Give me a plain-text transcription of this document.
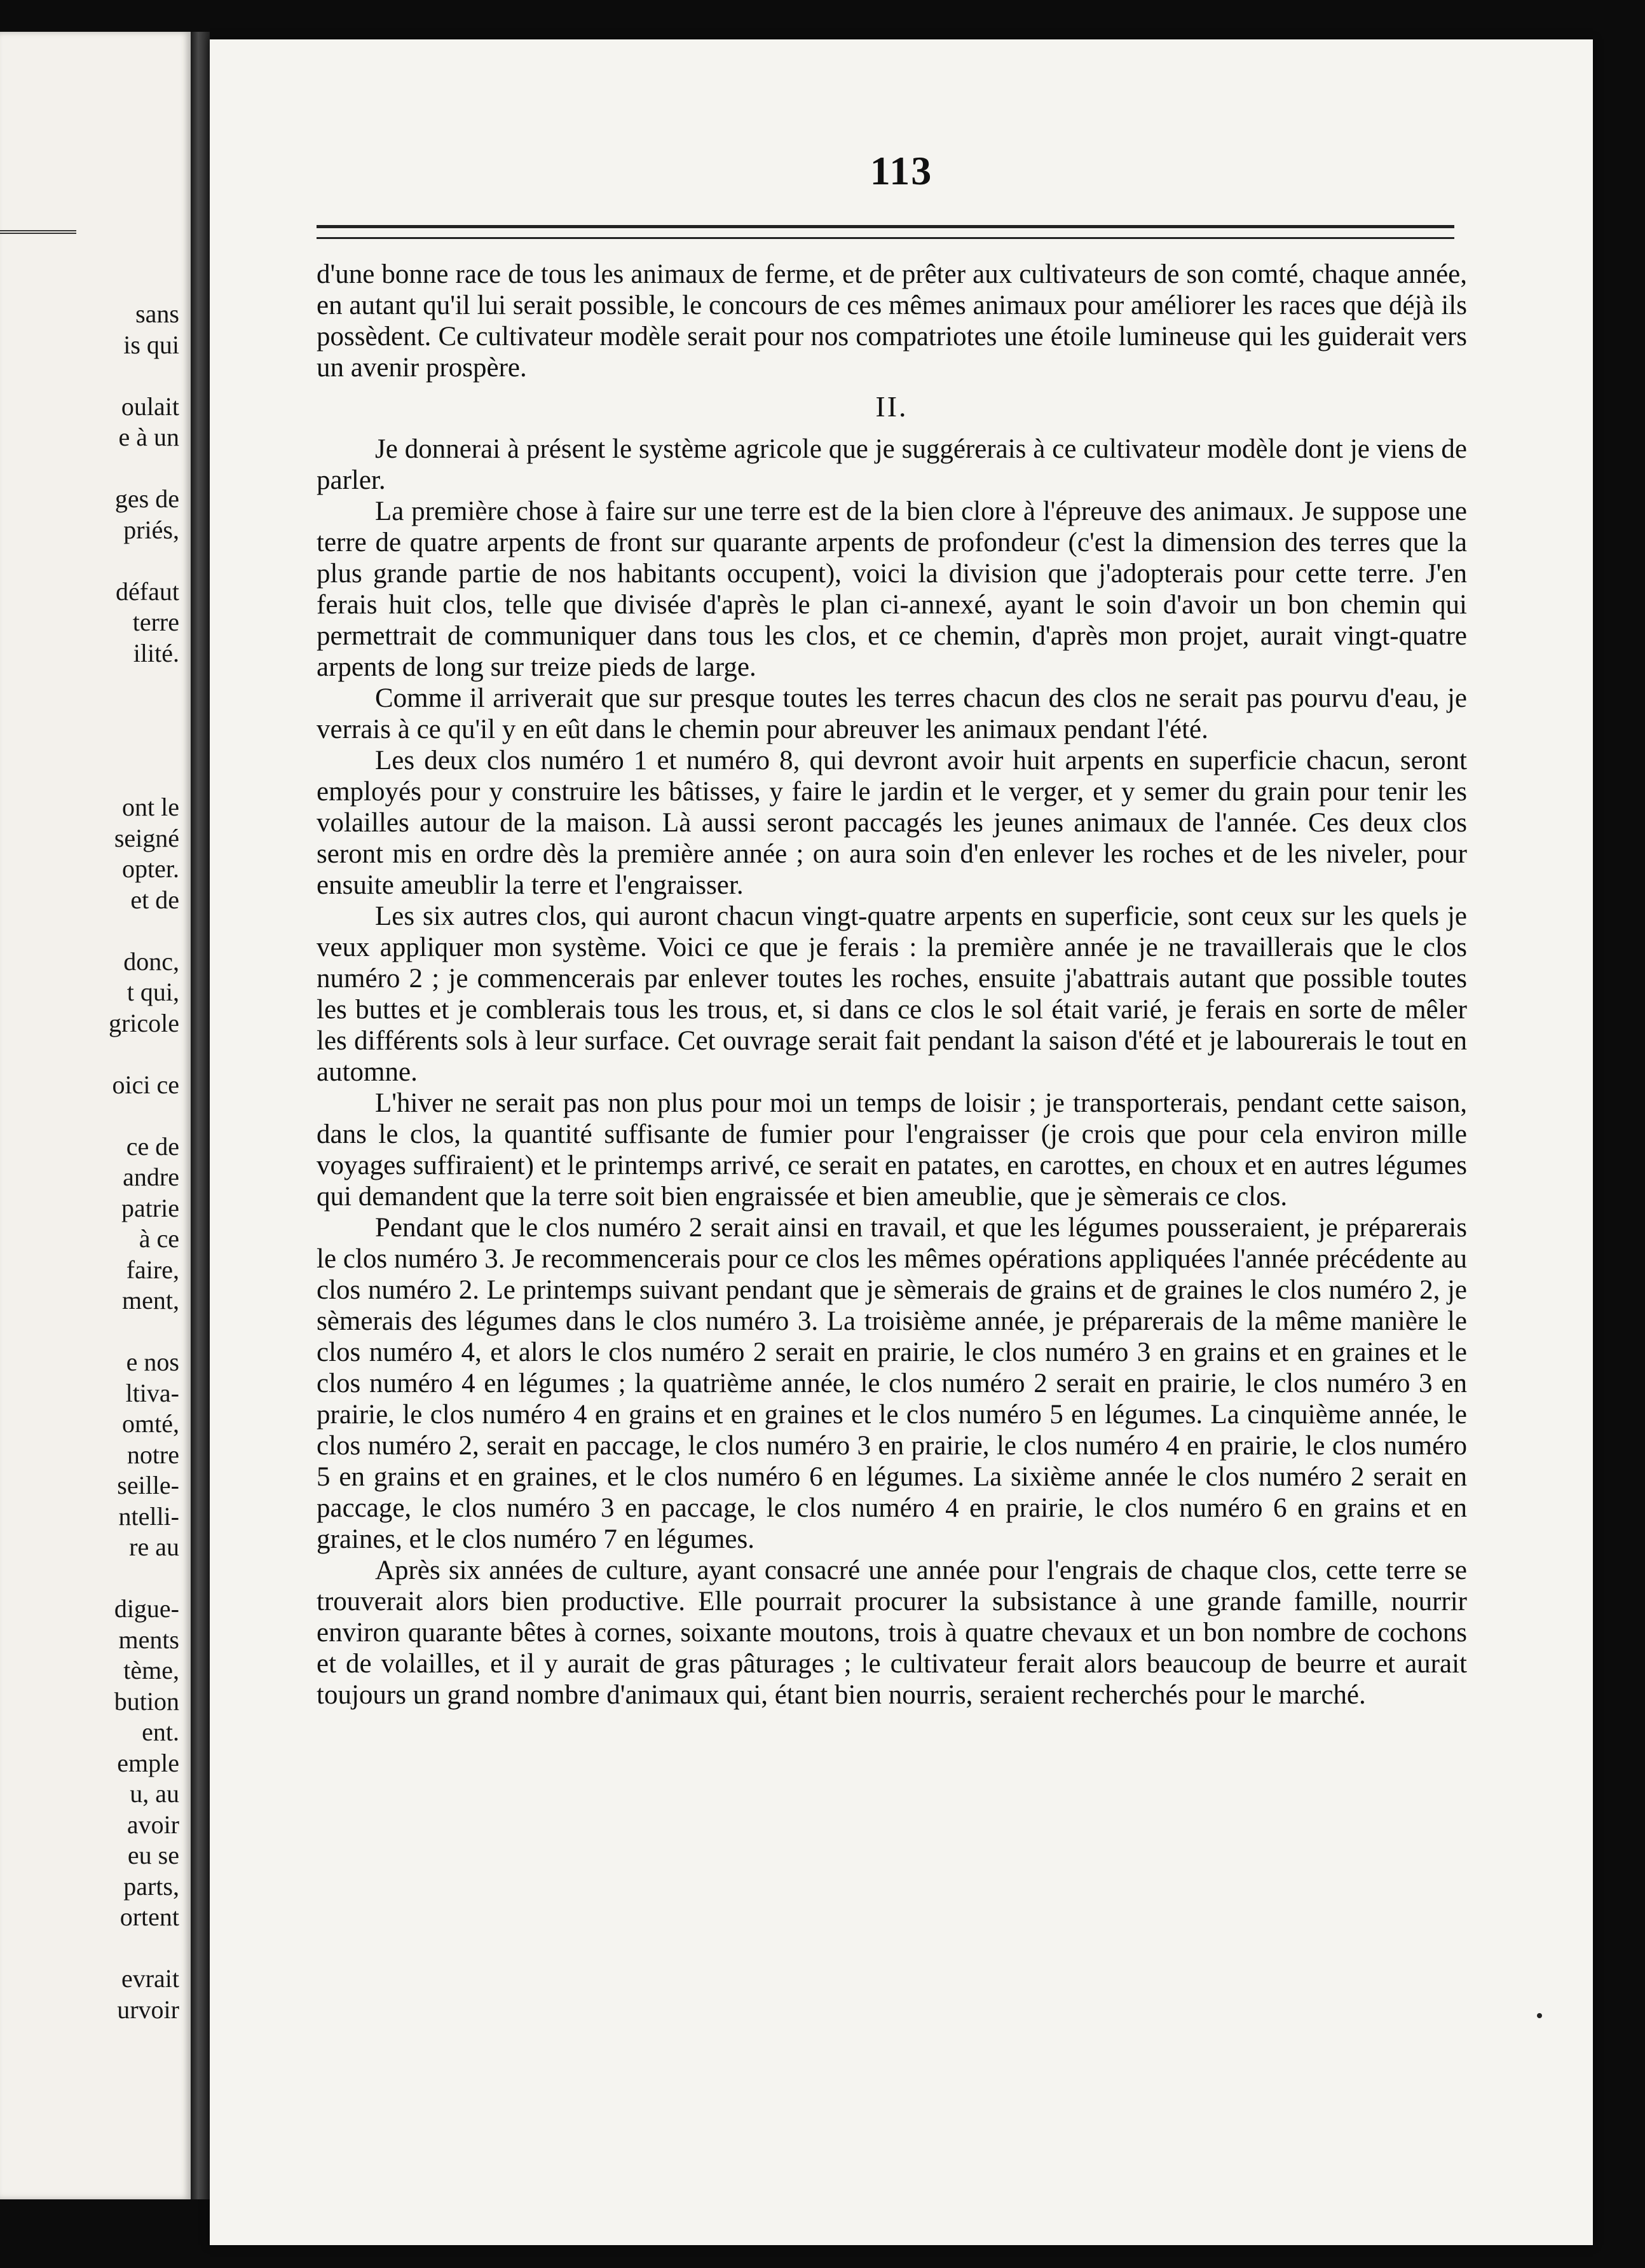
sans
is qui
oulait
e à un
ges de
priés,
défaut
terre
ilité.
ont le
seigné
opter.
et de
donc,
t qui,
gricole
oici ce
ce de
andre
patrie
à ce
faire,
ment,
e nos
ltiva-
omté,
notre
seille-
ntelli-
re au
digue-
ments
tème,
bution
ent.
emple
u, au
avoir
eu se
parts,
ortent
evrait
urvoir
113

d'une bonne race de tous les animaux de ferme, et de prêter aux cultivateurs de son comté, chaque année, en autant qu'il lui serait possible, le concours de ces mêmes animaux pour améliorer les races que déjà ils possèdent. Ce cultivateur modèle serait pour nos compatriotes une étoile lumineuse qui les guiderait vers un avenir prospère.

II.

Je donnerai à présent le système agricole que je suggérerais à ce cultivateur modèle dont je viens de parler.

La première chose à faire sur une terre est de la bien clore à l'épreuve des animaux. Je suppose une terre de quatre arpents de front sur quarante arpents de profondeur (c'est la dimension des terres que la plus grande partie de nos habitants occupent), voici la division que j'adopterais pour cette terre. J'en ferais huit clos, telle que divisée d'après le plan ci-annexé, ayant le soin d'avoir un bon chemin qui permettrait de communiquer dans tous les clos, et ce chemin, d'après mon projet, aurait vingt-quatre arpents de long sur treize pieds de large.

Comme il arriverait que sur presque toutes les terres chacun des clos ne serait pas pourvu d'eau, je verrais à ce qu'il y en eût dans le chemin pour abreuver les animaux pendant l'été.

Les deux clos numéro 1 et numéro 8, qui devront avoir huit arpents en superficie chacun, seront employés pour y construire les bâtisses, y faire le jardin et le verger, et y semer du grain pour tenir les volailles autour de la maison. Là aussi seront paccagés les jeunes animaux de l'année. Ces deux clos seront mis en ordre dès la première année ; on aura soin d'en enlever les roches et de les niveler, pour ensuite ameublir la terre et l'engraisser.

Les six autres clos, qui auront chacun vingt-quatre arpents en superficie, sont ceux sur les quels je veux appliquer mon système. Voici ce que je ferais : la première année je ne travaillerais que le clos numéro 2 ; je commencerais par enlever toutes les roches, ensuite j'abattrais autant que possible toutes les buttes et je comblerais tous les trous, et, si dans ce clos le sol était varié, je ferais en sorte de mêler les différents sols à leur surface. Cet ouvrage serait fait pendant la saison d'été et je labourerais le tout en automne.

L'hiver ne serait pas non plus pour moi un temps de loisir ; je transporterais, pendant cette saison, dans le clos, la quantité suffisante de fumier pour l'engraisser (je crois que pour cela environ mille voyages suffiraient) et le printemps arrivé, ce serait en patates, en carottes, en choux et en autres légumes qui demandent que la terre soit bien engraissée et bien ameublie, que je sèmerais ce clos.

Pendant que le clos numéro 2 serait ainsi en travail, et que les légumes pousseraient, je préparerais le clos numéro 3. Je recommencerais pour ce clos les mêmes opérations appliquées l'année précédente au clos numéro 2. Le printemps suivant pendant que je sèmerais de grains et de graines le clos numéro 2, je sèmerais des légumes dans le clos numéro 3. La troisième année, je préparerais de la même manière le clos numéro 4, et alors le clos numéro 2 serait en prairie, le clos numéro 3 en grains et en graines et le clos numéro 4 en légumes ; la quatrième année, le clos numéro 2 serait en prairie, le clos numéro 3 en prairie, le clos numéro 4 en grains et en graines et le clos numéro 5 en légumes. La cinquième année, le clos numéro 2, serait en paccage, le clos numéro 3 en prairie, le clos numéro 4 en prairie, le clos numéro 5 en grains et en graines, et le clos numéro 6 en légumes. La sixième année le clos numéro 2 serait en paccage, le clos numéro 3 en paccage, le clos numéro 4 en prairie, le clos numéro 6 en grains et en graines, et le clos numéro 7 en légumes.

Après six années de culture, ayant consacré une année pour l'engrais de chaque clos, cette terre se trouverait alors bien productive. Elle pourrait procurer la subsistance à une grande famille, nourrir environ quarante bêtes à cornes, soixante moutons, trois à quatre chevaux et un bon nombre de cochons et de volailles, et il y aurait de gras pâturages ; le cultivateur ferait alors beaucoup de beurre et aurait toujours un grand nombre d'animaux qui, étant bien nourris, seraient recherchés pour le marché.
